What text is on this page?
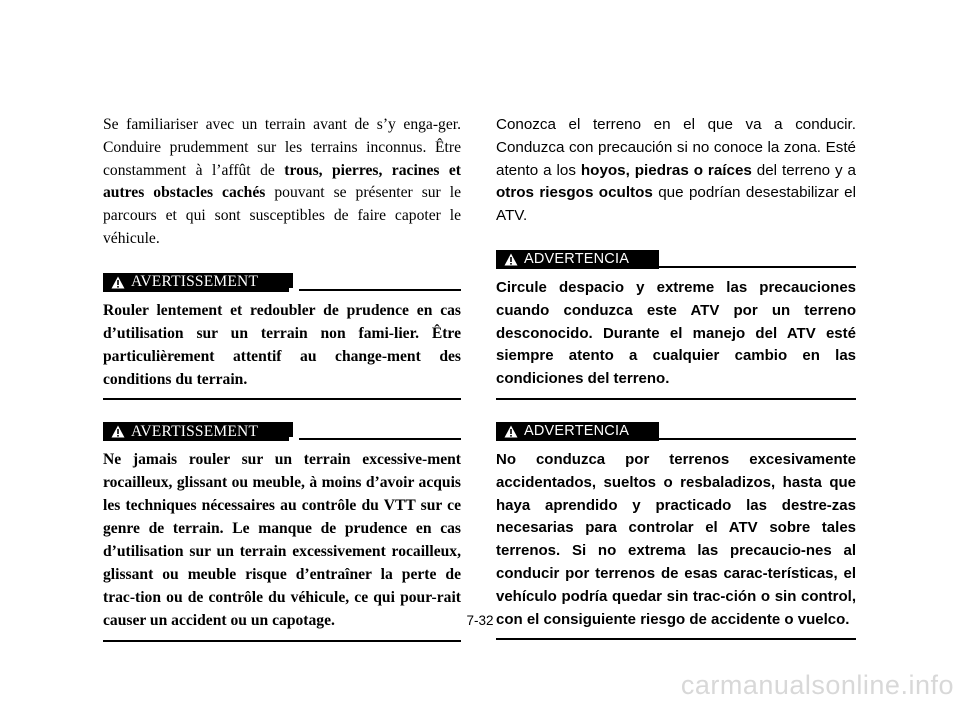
Se familiariser avec un terrain avant de s’y enga-ger. Conduire prudemment sur les terrains inconnus. Être constamment à l’affût de trous, pierres, racines et autres obstacles cachés pouvant se présenter sur le parcours et qui sont susceptibles de faire capoter le véhicule.

AVERTISSEMENT

Rouler lentement et redoubler de prudence en cas d’utilisation sur un terrain non fami-lier. Être particulièrement attentif au change-ment des conditions du terrain.

AVERTISSEMENT

Ne jamais rouler sur un terrain excessive-ment rocailleux, glissant ou meuble, à moins d’avoir acquis les techniques nécessaires au contrôle du VTT sur ce genre de terrain. Le manque de prudence en cas d’utilisation sur un terrain excessivement rocailleux, glissant ou meuble risque d’entraîner la perte de trac-tion ou de contrôle du véhicule, ce qui pour-rait causer un accident ou un capotage.

Conozca el terreno en el que va a conducir. Conduzca con precaución si no conoce la zona. Esté atento a los hoyos, piedras o raíces del terreno y a otros riesgos ocultos que podrían desestabilizar el ATV.

ADVERTENCIA

Circule despacio y extreme las precauciones cuando conduzca este ATV por un terreno desconocido. Durante el manejo del ATV esté siempre atento a cualquier cambio en las condiciones del terreno.

ADVERTENCIA

No conduzca por terrenos excesivamente accidentados, sueltos o resbaladizos, hasta que haya aprendido y practicado las destre-zas necesarias para controlar el ATV sobre tales terrenos. Si no extrema las precaucio-nes al conducir por terrenos de esas carac-terísticas, el vehículo podría quedar sin trac-ción o sin control, con el consiguiente riesgo de accidente o vuelco.

7-32
carmanualsonline.info
